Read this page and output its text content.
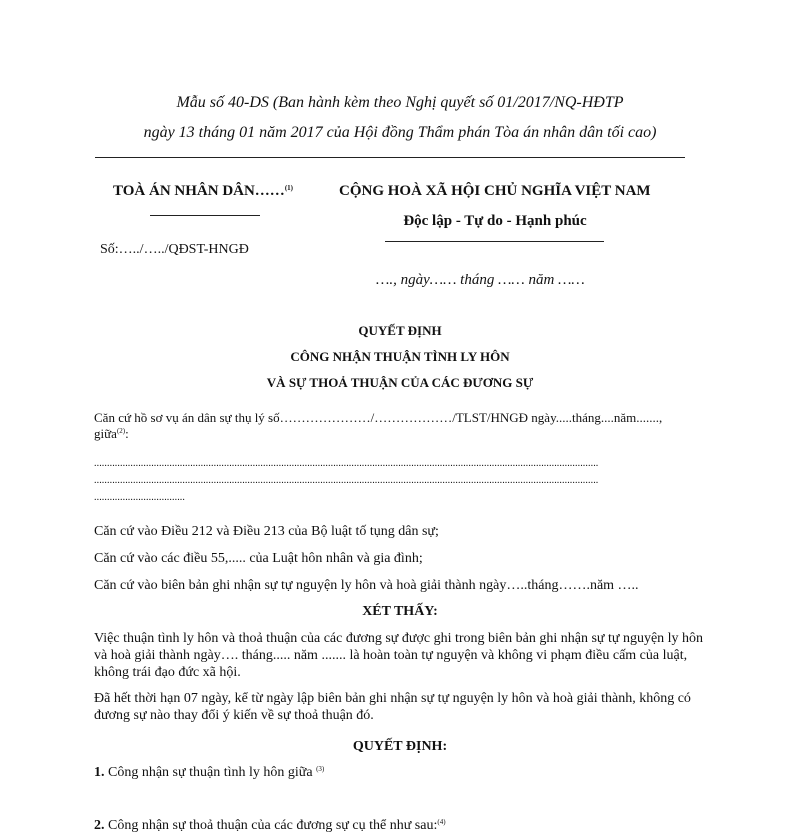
Mẫu số 40-DS (Ban hành kèm theo Nghị quyết số 01/2017/NQ-HĐTP
ngày 13 tháng 01 năm 2017 của Hội đồng Thẩm phán Tòa án nhân dân tối cao)
TOÀ ÁN NHÂN DÂN……$^{(1)}$
Số:…../…../QĐST-HNGĐ
CỘNG HOÀ XÃ HỘI CHỦ NGHĨA VIỆT NAM
Độc lập - Tự do - Hạnh phúc
…., ngày…… tháng …… năm ……
QUYẾT ĐỊNH
CÔNG NHẬN THUẬN TÌNH LY HÔN
VÀ SỰ THOẢ THUẬN CỦA CÁC ĐƯƠNG SỰ
Căn cứ hồ sơ vụ án dân sự thụ lý số…………………/………………/TLST/HNGĐ ngày.....tháng....năm.......,
giữa$^{(2)}$:
..................................................................................................................................................................................................
..................................................................................................................................................................................................
...................................
Căn cứ vào Điều 212 và Điều 213 của Bộ luật tố tụng dân sự;
Căn cứ vào các điều 55,..... của Luật hôn nhân và gia đình;
Căn cứ vào biên bản ghi nhận sự tự nguyện ly hôn và hoà giải thành ngày…..tháng…….năm …..
XÉT THẤY:
Việc thuận tình ly hôn và thoả thuận của các đương sự được ghi trong biên bản ghi nhận sự tự nguyện ly hôn và hoà giải thành ngày…. tháng..... năm ....... là hoàn toàn tự nguyện và không vi phạm điều cấm của luật, không trái đạo đức xã hội.
Đã hết thời hạn 07 ngày, kể từ ngày lập biên bản ghi nhận sự tự nguyện ly hôn và hoà giải thành, không có đương sự nào thay đổi ý kiến về sự thoả thuận đó.
QUYẾT ĐỊNH:
1. Công nhận sự thuận tình ly hôn giữa $^{(3)}$
2. Công nhận sự thoả thuận của các đương sự cụ thể như sau:$^{(4)}$
